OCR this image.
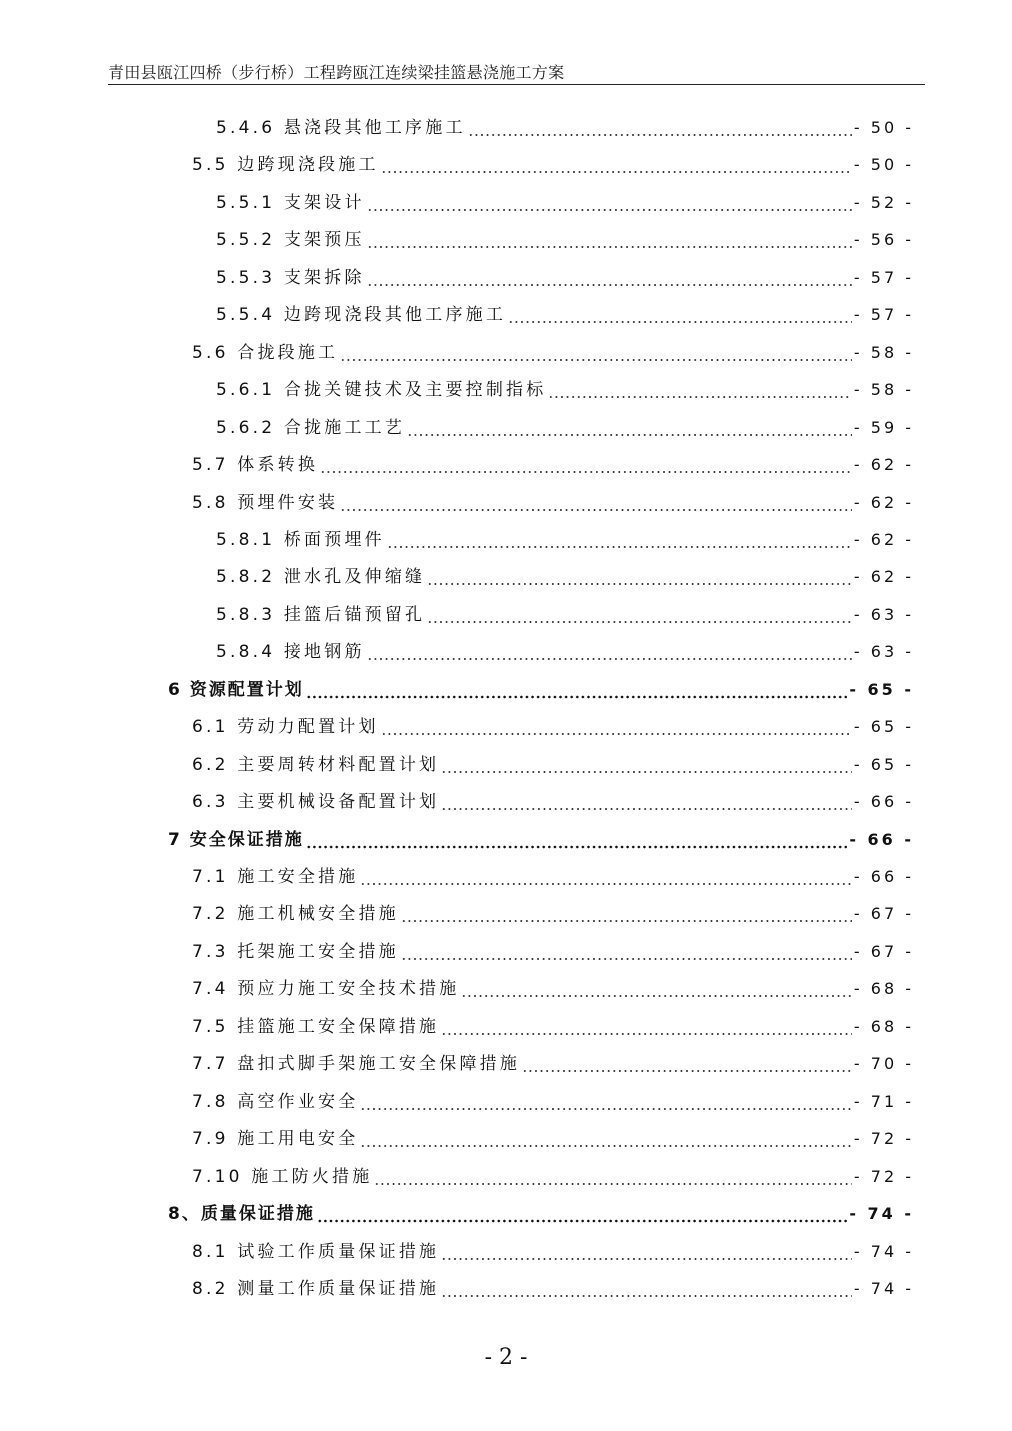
青田县瓯江四桥（步行桥）工程跨瓯江连续梁挂篮悬浇施工方案
5.4.6 悬浇段其他工序施工	- 50 -
5.5 边跨现浇段施工	- 50 -
5.5.1 支架设计	- 52 -
5.5.2 支架预压	- 56 -
5.5.3 支架拆除	- 57 -
5.5.4 边跨现浇段其他工序施工	- 57 -
5.6 合拢段施工	- 58 -
5.6.1 合拢关键技术及主要控制指标	- 58 -
5.6.2 合拢施工工艺	- 59 -
5.7 体系转换	- 62 -
5.8 预埋件安装	- 62 -
5.8.1 桥面预埋件	- 62 -
5.8.2 泄水孔及伸缩缝	- 62 -
5.8.3 挂篮后锚预留孔	- 63 -
5.8.4 接地钢筋	- 63 -
6 资源配置计划	- 65 -
6.1 劳动力配置计划	- 65 -
6.2 主要周转材料配置计划	- 65 -
6.3 主要机械设备配置计划	- 66 -
7 安全保证措施	- 66 -
7.1 施工安全措施	- 66 -
7.2 施工机械安全措施	- 67 -
7.3 托架施工安全措施	- 67 -
7.4 预应力施工安全技术措施	- 68 -
7.5 挂篮施工安全保障措施	- 68 -
7.7 盘扣式脚手架施工安全保障措施	- 70 -
7.8 高空作业安全	- 71 -
7.9 施工用电安全	- 72 -
7.10 施工防火措施	- 72 -
8、质量保证措施	- 74 -
8.1 试验工作质量保证措施	- 74 -
8.2 测量工作质量保证措施	- 74 -
- 2 -
